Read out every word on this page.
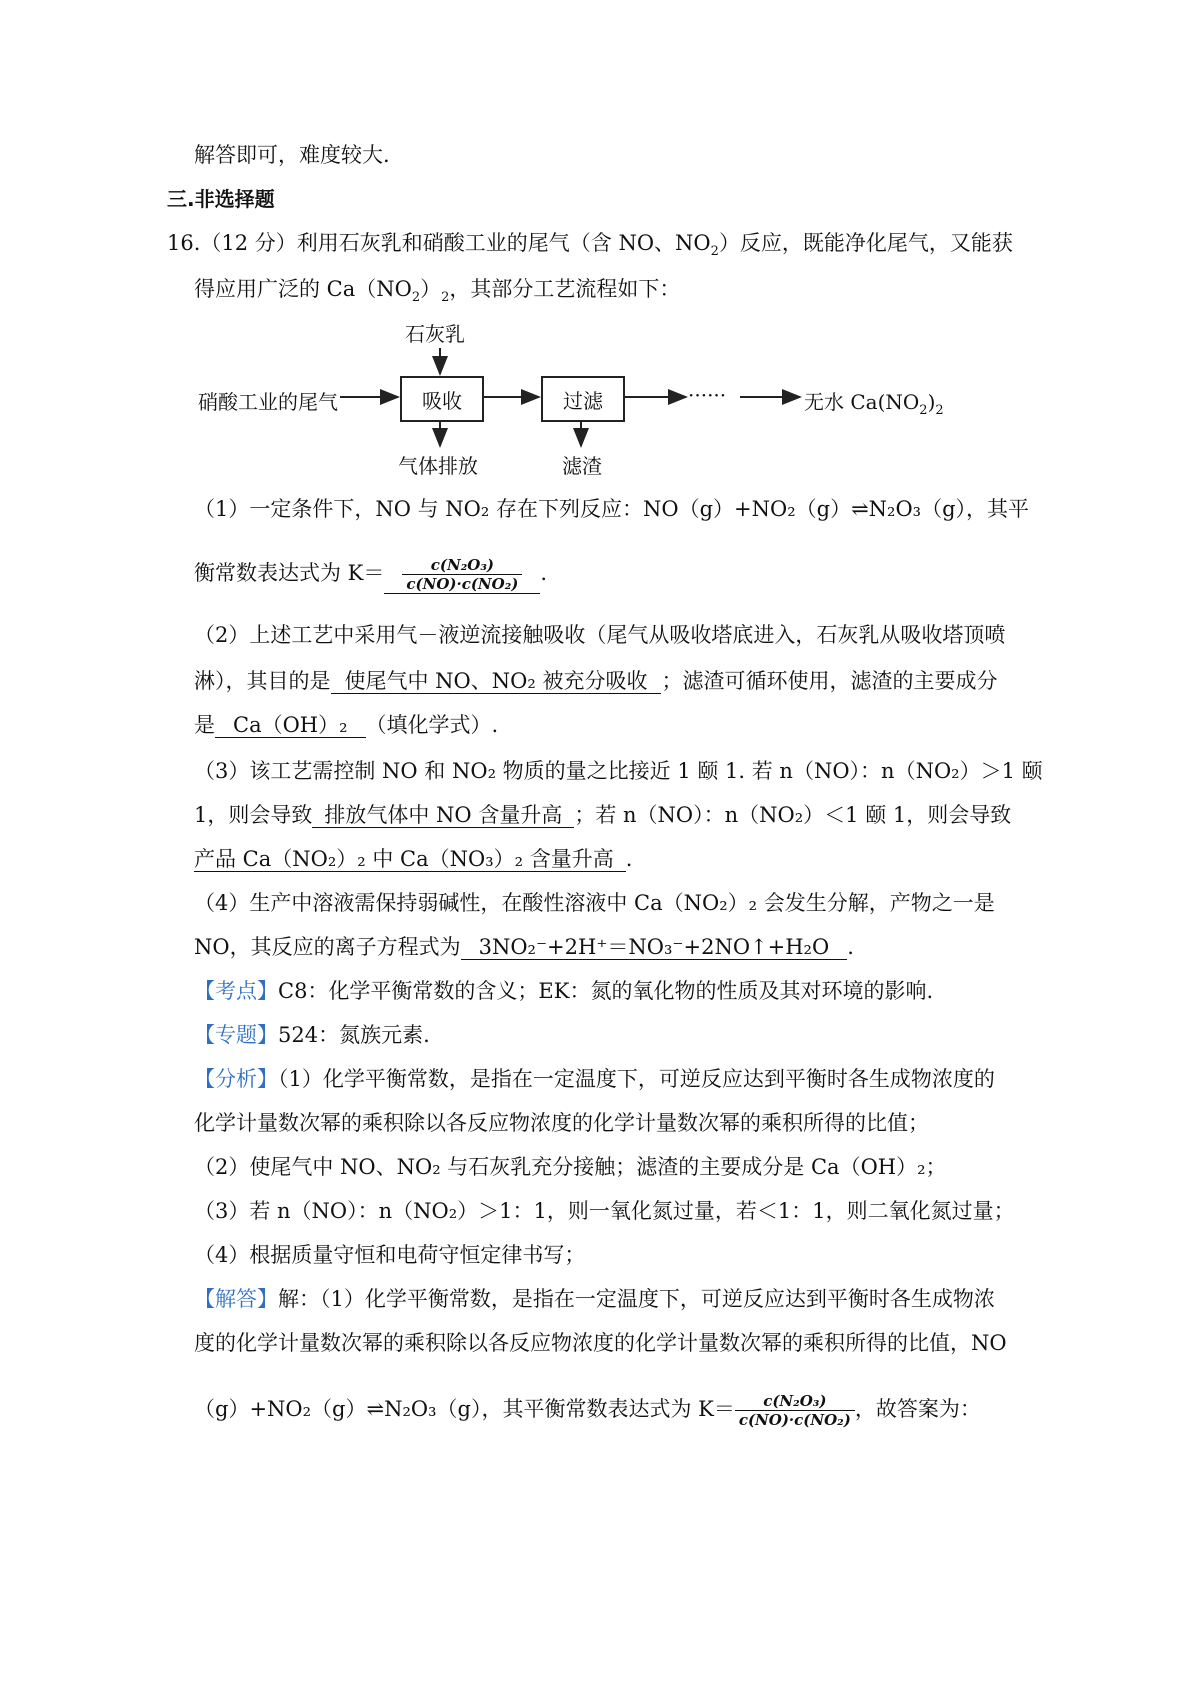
解答即可，难度较大.
三.非选择题
16.（12 分）利用石灰乳和硝酸工业的尾气（含 NO、$NO_2$）反应，既能净化尾气，又能获
得应用广泛的 $Ca(NO_2)_2$，其部分工艺流程如下：
石灰乳
硝酸工业的尾气	吸收	过滤	······	无水 $Ca(NO_2)_2$
气体排放	滤渣
（1）一定条件下，NO 与 NO₂ 存在下列反应：NO（g）+NO₂（g）⇌N₂O₃（g），其平
衡常数表达式为 $K= \frac{\text{c(N₂O₃)}}{\text{c(NO)·c(NO₂)}}$ .
（2）上述工艺中采用气－液逆流接触吸收（尾气从吸收塔底进入，石灰乳从吸收塔顶喷
淋），其目的是 使尾气中 NO、NO₂ 被充分吸收 ；滤渣可循环使用，滤渣的主要成分
是 Ca（OH）₂ （填化学式）.
（3）该工艺需控制 NO 和 NO₂ 物质的量之比接近 1 颐 1. 若 n（NO）：n（NO₂）＞1 颐
1，则会导致 排放气体中 NO 含量升高 ；若 n（NO）：n（NO₂）＜1 颐 1，则会导致
产品 Ca（NO₂）₂ 中 Ca（NO₃）₂ 含量升高 .
（4）生产中溶液需保持弱碱性，在酸性溶液中 Ca（NO₂）₂ 会发生分解，产物之一是
NO，其反应的离子方程式为 3NO₂⁻+2H⁺＝NO₃⁻+2NO↑+H₂O .
【考点】C8：化学平衡常数的含义；EK：氮的氧化物的性质及其对环境的影响.
【专题】524：氮族元素.
【分析】（1）化学平衡常数，是指在一定温度下，可逆反应达到平衡时各生成物浓度的
化学计量数次幂的乘积除以各反应物浓度的化学计量数次幂的乘积所得的比值；
（2）使尾气中 NO、NO₂ 与石灰乳充分接触；滤渣的主要成分是 Ca（OH）₂；
（3）若 n（NO）：n（NO₂）＞1：1，则一氧化氮过量，若＜1：1，则二氧化氮过量；
（4）根据质量守恒和电荷守恒定律书写；
【解答】解：（1）化学平衡常数，是指在一定温度下，可逆反应达到平衡时各生成物浓
度的化学计量数次幂的乘积除以各反应物浓度的化学计量数次幂的乘积所得的比值，NO
（g）+NO₂（g）⇌N₂O₃（g），其平衡常数表达式为 $K= \frac{\text{c(N₂O₃)}}{\text{c(NO)·c(NO₂)}}$ ，故答案为：
